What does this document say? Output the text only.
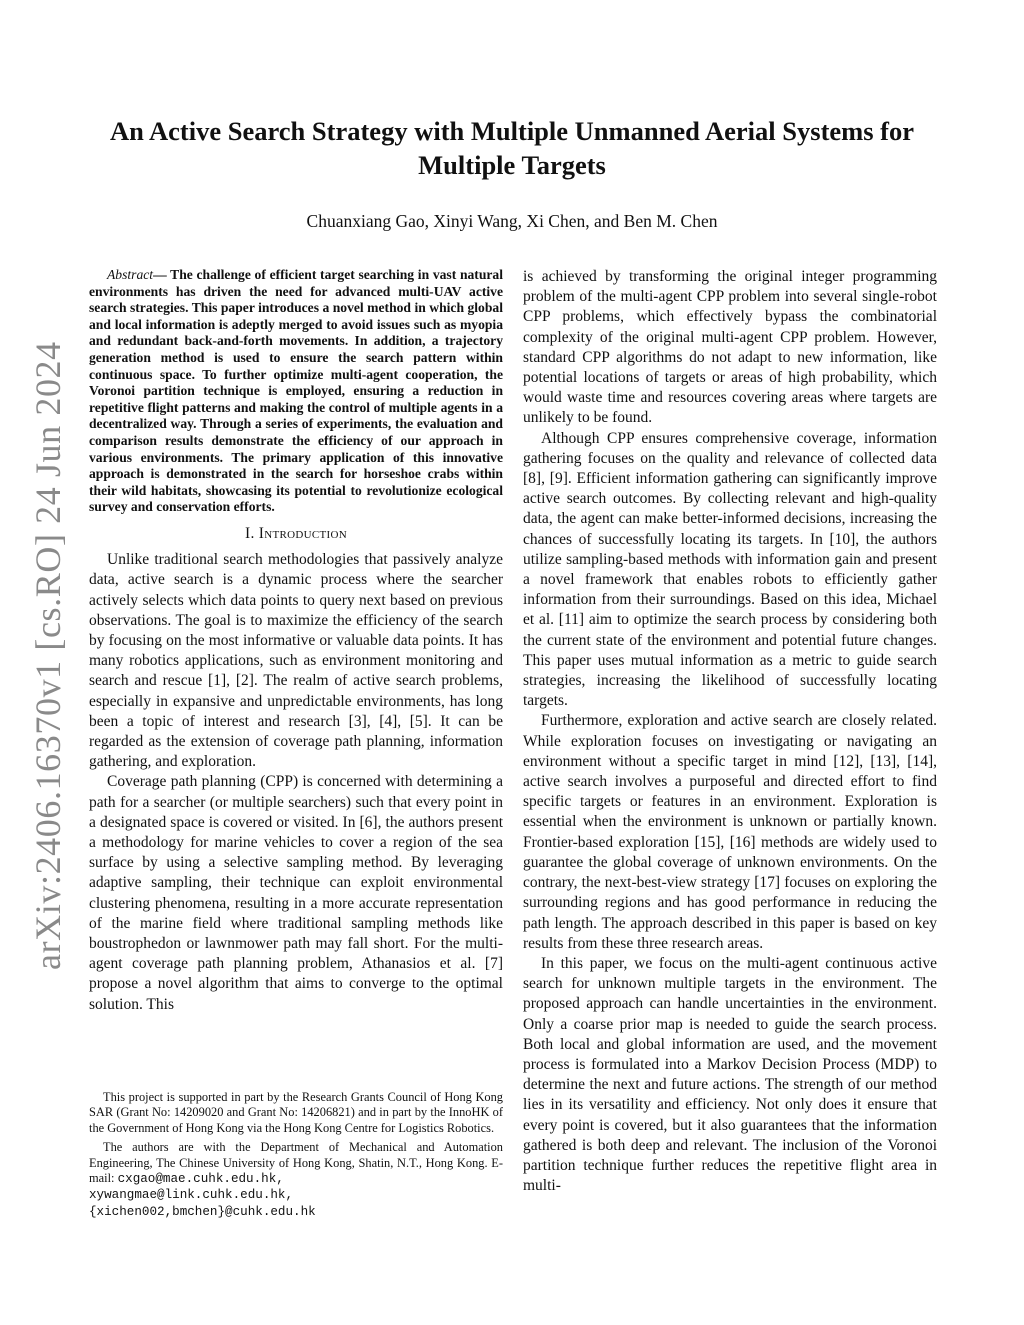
arXiv:2406.16370v1 [cs.RO] 24 Jun 2024
An Active Search Strategy with Multiple Unmanned Aerial Systems for
Multiple Targets
Chuanxiang Gao, Xinyi Wang, Xi Chen, and Ben M. Chen

Abstract— The challenge of efficient target searching in vast natural environments has driven the need for advanced multi-UAV active search strategies. This paper introduces a novel method in which global and local information is adeptly merged to avoid issues such as myopia and redundant back-and-forth movements. In addition, a trajectory generation method is used to ensure the search pattern within continuous space. To further optimize multi-agent cooperation, the Voronoi partition technique is employed, ensuring a reduction in repetitive flight patterns and making the control of multiple agents in a decentralized way. Through a series of experiments, the evaluation and comparison results demonstrate the efficiency of our approach in various environments. The primary application of this innovative approach is demonstrated in the search for horseshoe crabs within their wild habitats, showcasing its potential to revolutionize ecological survey and conservation efforts.

I. Introduction

Unlike traditional search methodologies that passively analyze data, active search is a dynamic process where the searcher actively selects which data points to query next based on previous observations. The goal is to maximize the efficiency of the search by focusing on the most informative or valuable data points. It has many robotics applications, such as environment monitoring and search and rescue [1], [2]. The realm of active search problems, especially in expansive and unpredictable environments, has long been a topic of interest and research [3], [4], [5]. It can be regarded as the extension of coverage path planning, information gathering, and exploration.

Coverage path planning (CPP) is concerned with determining a path for a searcher (or multiple searchers) such that every point in a designated space is covered or visited. In [6], the authors present a methodology for marine vehicles to cover a region of the sea surface by using a selective sampling method. By leveraging adaptive sampling, their technique can exploit environmental clustering phenomena, resulting in a more accurate representation of the marine field where traditional sampling methods like boustrophedon or lawnmower path may fall short. For the multi-agent coverage path planning problem, Athanasios et al. [7] propose a novel algorithm that aims to converge to the optimal solution. This

This project is supported in part by the Research Grants Council of Hong Kong SAR (Grant No: 14209020 and Grant No: 14206821) and in part by the InnoHK of the Government of Hong Kong via the Hong Kong Centre for Logistics Robotics.

The authors are with the Department of Mechanical and Automation Engineering, The Chinese University of Hong Kong, Shatin, N.T., Hong Kong. E-mail: cxgao@mae.cuhk.edu.hk,
xywangmae@link.cuhk.edu.hk,
{xichen002,bmchen}@cuhk.edu.hk

is achieved by transforming the original integer programming problem of the multi-agent CPP problem into several single-robot CPP problems, which effectively bypass the combinatorial complexity of the original multi-agent CPP problem. However, standard CPP algorithms do not adapt to new information, like potential locations of targets or areas of high probability, which would waste time and resources covering areas where targets are unlikely to be found.

Although CPP ensures comprehensive coverage, information gathering focuses on the quality and relevance of collected data [8], [9]. Efficient information gathering can significantly improve active search outcomes. By collecting relevant and high-quality data, the agent can make better-informed decisions, increasing the chances of successfully locating its targets. In [10], the authors utilize sampling-based methods with information gain and present a novel framework that enables robots to efficiently gather information from their surroundings. Based on this idea, Michael et al. [11] aim to optimize the search process by considering both the current state of the environment and potential future changes. This paper uses mutual information as a metric to guide search strategies, increasing the likelihood of successfully locating targets.

Furthermore, exploration and active search are closely related. While exploration focuses on investigating or navigating an environment without a specific target in mind [12], [13], [14], active search involves a purposeful and directed effort to find specific targets or features in an environment. Exploration is essential when the environment is unknown or partially known. Frontier-based exploration [15], [16] methods are widely used to guarantee the global coverage of unknown environments. On the contrary, the next-best-view strategy [17] focuses on exploring the surrounding regions and has good performance in reducing the path length. The approach described in this paper is based on key results from these three research areas.

In this paper, we focus on the multi-agent continuous active search for unknown multiple targets in the environment. The proposed approach can handle uncertainties in the environment. Only a coarse prior map is needed to guide the search process. Both local and global information are used, and the movement process is formulated into a Markov Decision Process (MDP) to determine the next and future actions. The strength of our method lies in its versatility and efficiency. Not only does it ensure that every point is covered, but it also guarantees that the information gathered is both deep and relevant. The inclusion of the Voronoi partition technique further reduces the repetitive flight area in multi-
